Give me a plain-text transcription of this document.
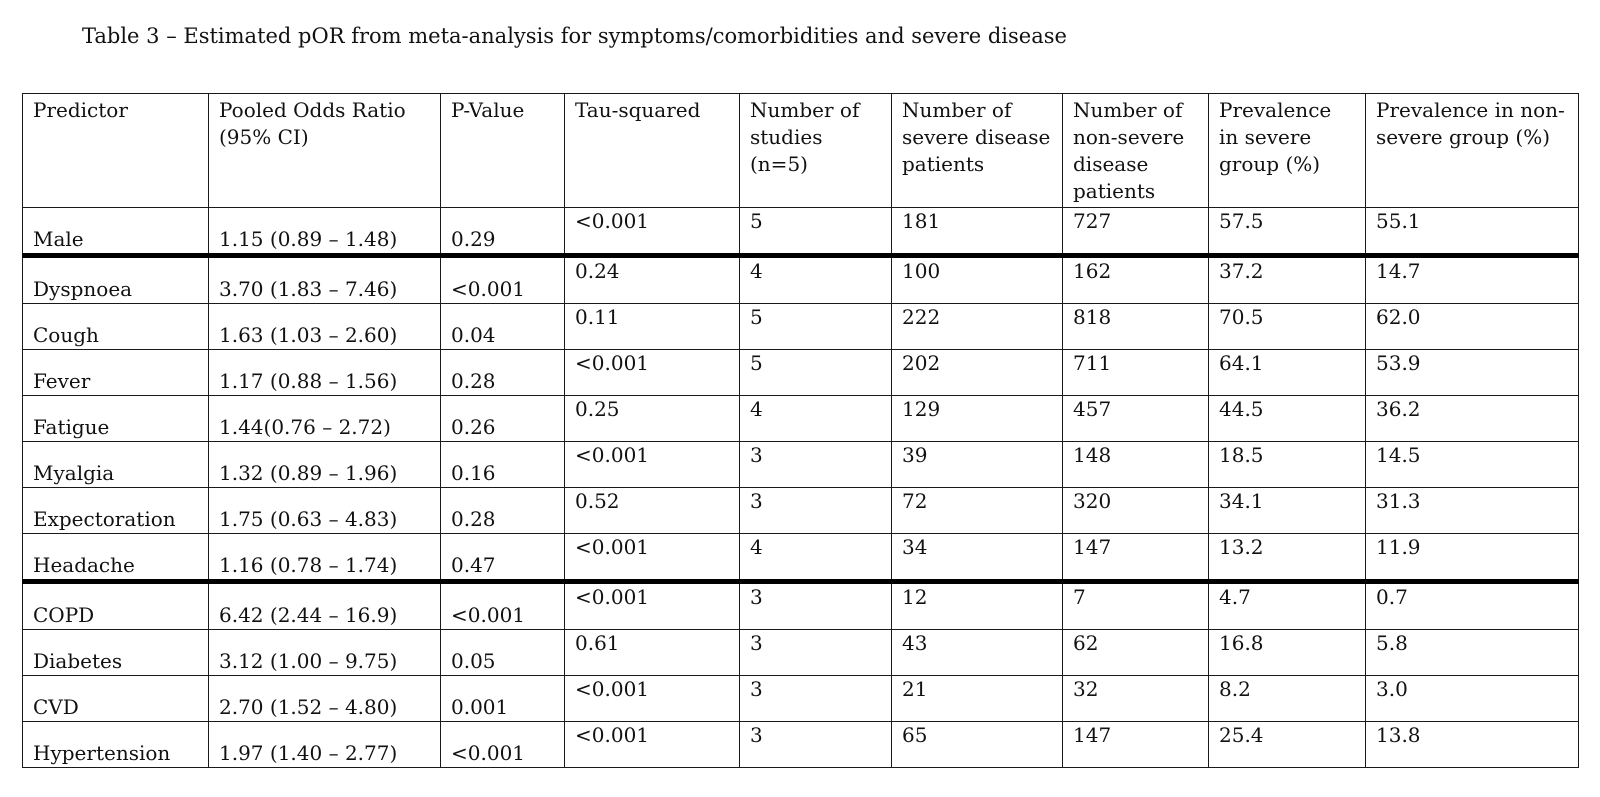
Table 3 – Estimated pOR from meta-analysis for symptoms/comorbidities and severe disease
Predictor	Pooled Odds Ratio (95% CI)	P-Value	Tau-squared	Number of studies (n=5)	Number of severe disease patients	Number of non-severe disease patients	Prevalence in severe group (%)	Prevalence in non-severe group (%)
Male	1.15 (0.89 – 1.48)	0.29	<0.001	5	181	727	57.5	55.1
Dyspnoea	3.70 (1.83 – 7.46)	<0.001	0.24	4	100	162	37.2	14.7
Cough	1.63 (1.03 – 2.60)	0.04	0.11	5	222	818	70.5	62.0
Fever	1.17 (0.88 – 1.56)	0.28	<0.001	5	202	711	64.1	53.9
Fatigue	1.44(0.76 – 2.72)	0.26	0.25	4	129	457	44.5	36.2
Myalgia	1.32 (0.89 – 1.96)	0.16	<0.001	3	39	148	18.5	14.5
Expectoration	1.75 (0.63 – 4.83)	0.28	0.52	3	72	320	34.1	31.3
Headache	1.16 (0.78 – 1.74)	0.47	<0.001	4	34	147	13.2	11.9
COPD	6.42 (2.44 – 16.9)	<0.001	<0.001	3	12	7	4.7	0.7
Diabetes	3.12 (1.00 – 9.75)	0.05	0.61	3	43	62	16.8	5.8
CVD	2.70 (1.52 – 4.80)	0.001	<0.001	3	21	32	8.2	3.0
Hypertension	1.97 (1.40 – 2.77)	<0.001	<0.001	3	65	147	25.4	13.8
